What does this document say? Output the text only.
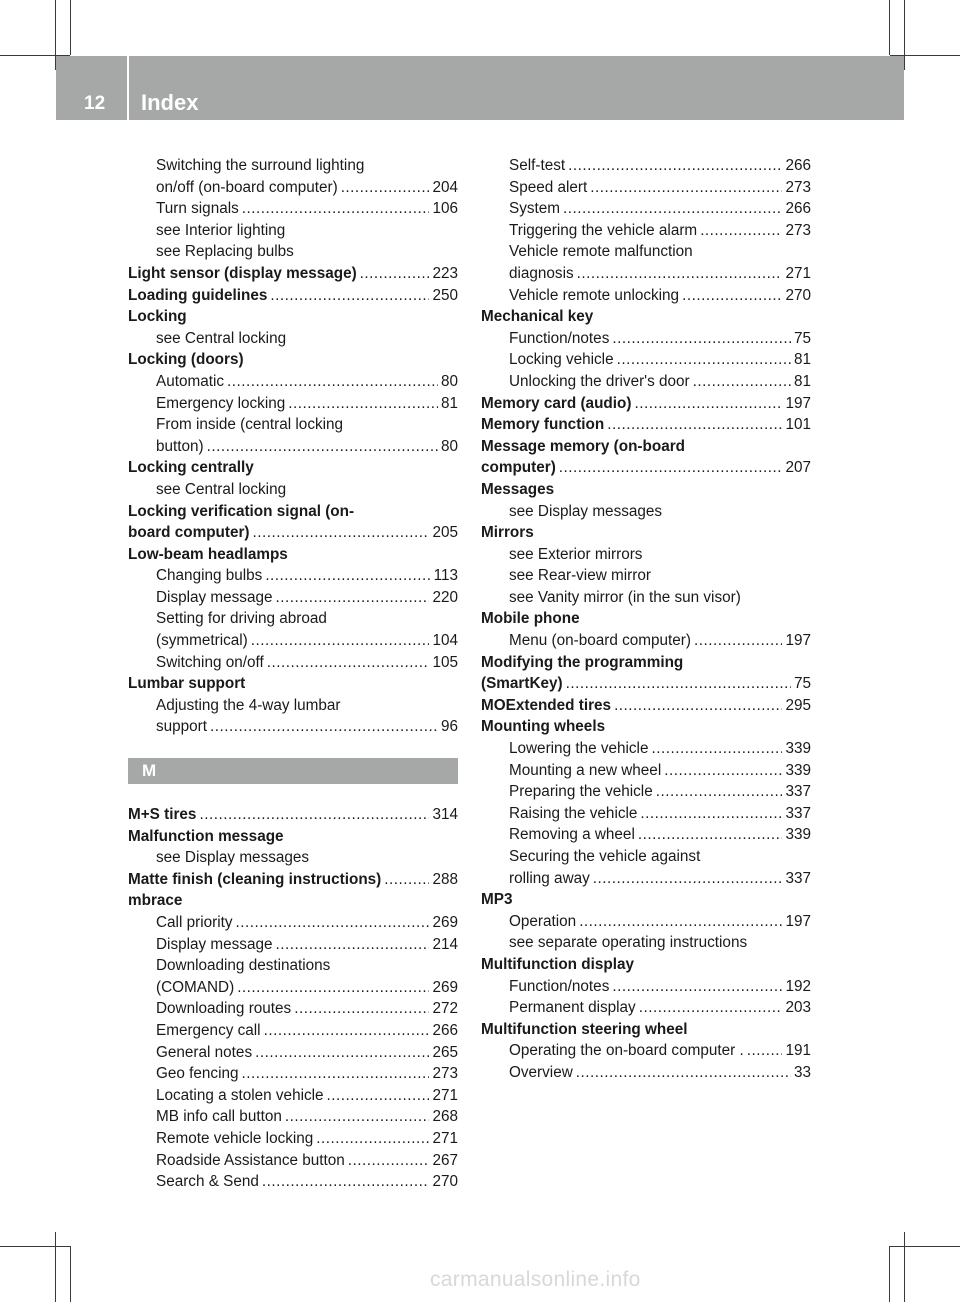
12 Index
Switching the surround lighting
on/off (on-board computer) .....	204
Turn signals .....	106
see Interior lighting
see Replacing bulbs
Light sensor (display message) .....	223
Loading guidelines .....	250
Locking
see Central locking
Locking (doors)
Automatic .....	80
Emergency locking .....	81
From inside (central locking
button) .....	80
Locking centrally
see Central locking
Locking verification signal (on-
board computer) .....	205
Low-beam headlamps
Changing bulbs .....	113
Display message .....	220
Setting for driving abroad
(symmetrical) .....	104
Switching on/off .....	105
Lumbar support
Adjusting the 4-way lumbar
support .....	96
M
M+S tires .....	314
Malfunction message
see Display messages
Matte finish (cleaning instructions) .....	288
mbrace
Call priority .....	269
Display message .....	214
Downloading destinations
(COMAND) .....	269
Downloading routes .....	272
Emergency call .....	266
General notes .....	265
Geo fencing .....	273
Locating a stolen vehicle .....	271
MB info call button .....	268
Remote vehicle locking .....	271
Roadside Assistance button .....	267
Search & Send .....	270
Self-test .....	266
Speed alert .....	273
System .....	266
Triggering the vehicle alarm .....	273
Vehicle remote malfunction
diagnosis .....	271
Vehicle remote unlocking .....	270
Mechanical key
Function/notes .....	75
Locking vehicle .....	81
Unlocking the driver's door .....	81
Memory card (audio) .....	197
Memory function .....	101
Message memory (on-board
computer) .....	207
Messages
see Display messages
Mirrors
see Exterior mirrors
see Rear-view mirror
see Vanity mirror (in the sun visor)
Mobile phone
Menu (on-board computer) .....	197
Modifying the programming
(SmartKey) .....	75
MOExtended tires .....	295
Mounting wheels
Lowering the vehicle .....	339
Mounting a new wheel .....	339
Preparing the vehicle .....	337
Raising the vehicle .....	337
Removing a wheel .....	339
Securing the vehicle against
rolling away .....	337
MP3
Operation .....	197
see separate operating instructions
Multifunction display
Function/notes .....	192
Permanent display .....	203
Multifunction steering wheel
Operating the on-board computer . .....	191
Overview .....	33
carmanualsonline.info
